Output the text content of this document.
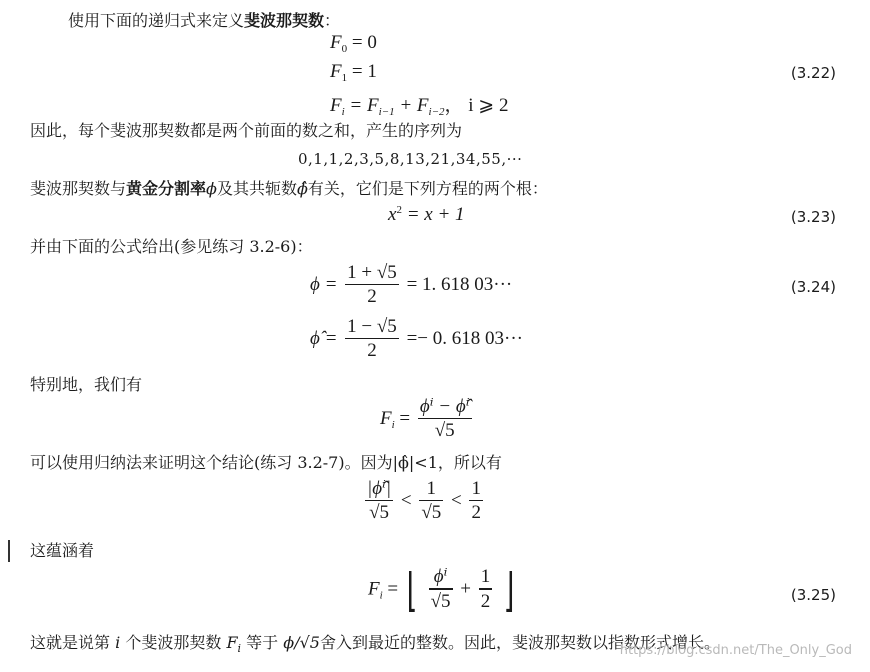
使用下面的递归式来定义斐波那契数：
$F_0 = 0$
$F_1 = 1$	(3.22)
$F_i = F_{i-1} + F_{i-2}$， i ⩾ 2
因此，每个斐波那契数都是两个前面的数之和，产生的序列为
0,1,1,2,3,5,8,13,21,34,55,···
斐波那契数与黄金分割率ϕ及其共轭数ϕ̂有关，它们是下列方程的两个根：
$x^2 = x + 1$	(3.23)
并由下面的公式给出(参见练习 3.2-6)：
$\phi = \frac{1 + √5}{2} = 1$. 618 03···	(3.24)
ϕ̂ = $\frac{1 - √5}{2} =- 0$. 618 03···
特别地，我们有
$F_i = \frac{\text{ϕⁱ − ϕ̂ⁱ}}{√5}$
可以使用归纳法来证明这个结论(练习 3.2-7)。因为|ϕ̂|<1，所以有
$\frac{\text{|ϕ̂ⁱ|}}{√5} < \frac{1}{√5} < \frac{1}{2}$
这蕴涵着
$F_i$ = ⌊ $\frac{\text{ϕⁱ}}{√5} + \frac{1}{2}$ ⌋	(3.25)
这就是说第 i 个斐波那契数 $F_i$ 等于 ϕ/√5舍入到最近的整数。因此，斐波那契数以指数形式增长。
https://blog.csdn.net/The_Only_God
